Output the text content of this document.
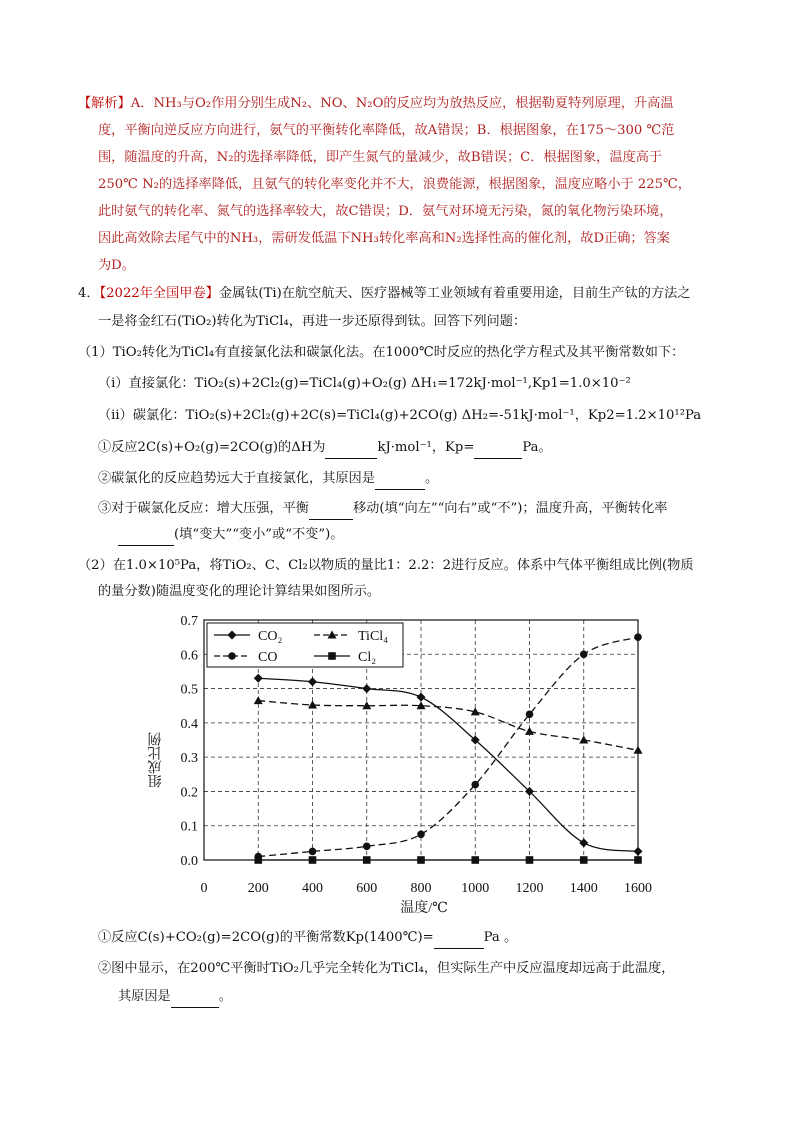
【解析】A．NH₃与O₂作用分别生成N₂、NO、N₂O的反应均为放热反应，根据勒夏特列原理，升高温
度，平衡向逆反应方向进行，氨气的平衡转化率降低，故A错误；B．根据图象，在175～300 ℃范
围，随温度的升高，N₂的选择率降低，即产生氮气的量减少，故B错误；C．根据图象，温度高于
250℃ N₂的选择率降低，且氨气的转化率变化并不大，浪费能源，根据图象，温度应略小于 225℃，
此时氨气的转化率、氮气的选择率较大，故C错误；D．氨气对环境无污染，氮的氧化物污染环境，
因此高效除去尾气中的NH₃，需研发低温下NH₃转化率高和N₂选择性高的催化剂，故D正确；答案
为D。
4．【2022年全国甲卷】金属钛(Ti)在航空航天、医疗器械等工业领域有着重要用途，目前生产钛的方法之
一是将金红石(TiO₂)转化为TiCl₄，再进一步还原得到钛。回答下列问题：
（1）TiO₂转化为TiCl₄有直接氯化法和碳氯化法。在1000℃时反应的热化学方程式及其平衡常数如下：
（ⅰ）直接氯化：TiO₂(s)+2Cl₂(g)=TiCl₄(g)+O₂(g) ΔH₁=172kJ·mol⁻¹,Kp1=1.0×10⁻²
（ⅱ）碳氯化：TiO₂(s)+2Cl₂(g)+2C(s)=TiCl₄(g)+2CO(g) ΔH₂=-51kJ·mol⁻¹，Kp2=1.2×10¹²Pa
①反应2C(s)+O₂(g)=2CO(g)的ΔH为	kJ·mol⁻¹，Kp=	Pa。
②碳氯化的反应趋势远大于直接氯化，其原因是	。
③对于碳氯化反应：增大压强，平衡	移动(填“向左”“向右”或“不”)；温度升高，平衡转化率
(填“变大”“变小”或“不变”)。
（2）在1.0×10⁵Pa，将TiO₂、C、Cl₂以物质的量比1：2.2：2进行反应。体系中气体平衡组成比例(物质
的量分数)随温度变化的理论计算结果如图所示。
0	200 400 600 800 1000 1200 1400 1600
0.0
0.1
0.2
0.3
0.4
0.5
0.6
0.7
CO₂	TiCl₄
CO	Cl₂
温度/℃
组成比例
①反应C(s)+CO₂(g)=2CO(g)的平衡常数Kp(1400℃)=	Pa 。
②图中显示，在200℃平衡时TiO₂几乎完全转化为TiCl₄，但实际生产中反应温度却远高于此温度，
其原因是	。
